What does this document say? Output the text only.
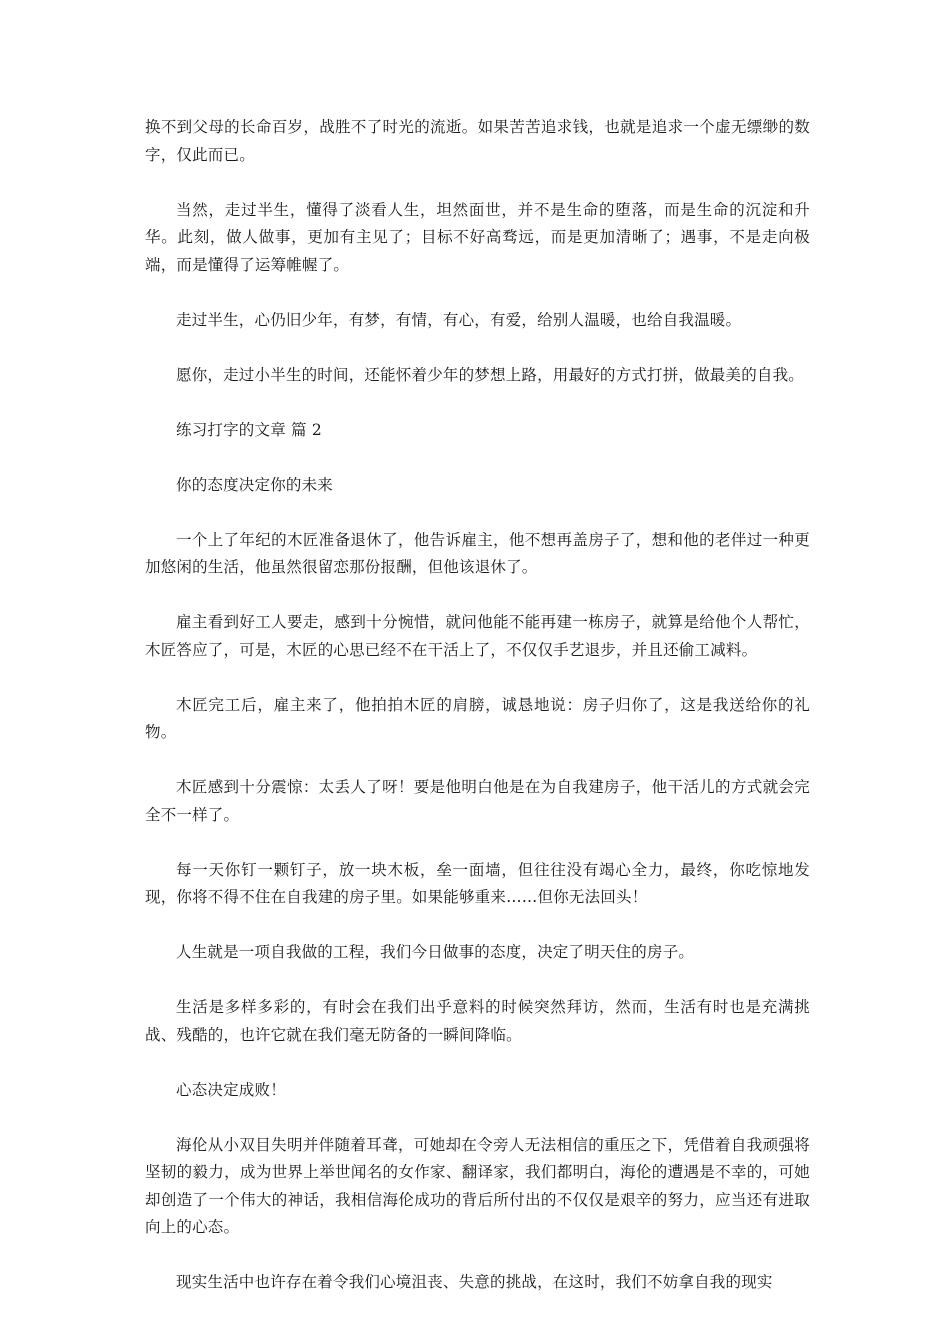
换不到父母的长命百岁，战胜不了时光的流逝。如果苦苦追求钱，也就是追求一个虚无缥缈的数字，仅此而已。

当然，走过半生，懂得了淡看人生，坦然面世，并不是生命的堕落，而是生命的沉淀和升华。此刻，做人做事，更加有主见了；目标不好高骛远，而是更加清晰了；遇事，不是走向极端，而是懂得了运筹帷幄了。

走过半生，心仍旧少年，有梦，有情，有心，有爱，给别人温暖，也给自我温暖。

愿你，走过小半生的时间，还能怀着少年的梦想上路，用最好的方式打拼，做最美的自我。

练习打字的文章 篇 2

你的态度决定你的未来

一个上了年纪的木匠准备退休了，他告诉雇主，他不想再盖房子了，想和他的老伴过一种更加悠闲的生活，他虽然很留恋那份报酬，但他该退休了。

雇主看到好工人要走，感到十分惋惜，就问他能不能再建一栋房子，就算是给他个人帮忙，木匠答应了，可是，木匠的心思已经不在干活上了，不仅仅手艺退步，并且还偷工减料。

木匠完工后，雇主来了，他拍拍木匠的肩膀，诚恳地说：房子归你了，这是我送给你的礼物。

木匠感到十分震惊：太丢人了呀！要是他明白他是在为自我建房子，他干活儿的方式就会完全不一样了。

每一天你钉一颗钉子，放一块木板，垒一面墙，但往往没有竭心全力，最终，你吃惊地发现，你将不得不住在自我建的房子里。如果能够重来……但你无法回头！

人生就是一项自我做的工程，我们今日做事的态度，决定了明天住的房子。

生活是多样多彩的，有时会在我们出乎意料的时候突然拜访，然而，生活有时也是充满挑战、残酷的，也许它就在我们毫无防备的一瞬间降临。

心态决定成败！

海伦从小双目失明并伴随着耳聋，可她却在令旁人无法相信的重压之下，凭借着自我顽强将坚韧的毅力，成为世界上举世闻名的女作家、翻译家，我们都明白，海伦的遭遇是不幸的，可她却创造了一个伟大的神话，我相信海伦成功的背后所付出的不仅仅是艰辛的努力，应当还有进取向上的心态。

现实生活中也许存在着令我们心境沮丧、失意的挑战，在这时，我们不妨拿自我的现实
